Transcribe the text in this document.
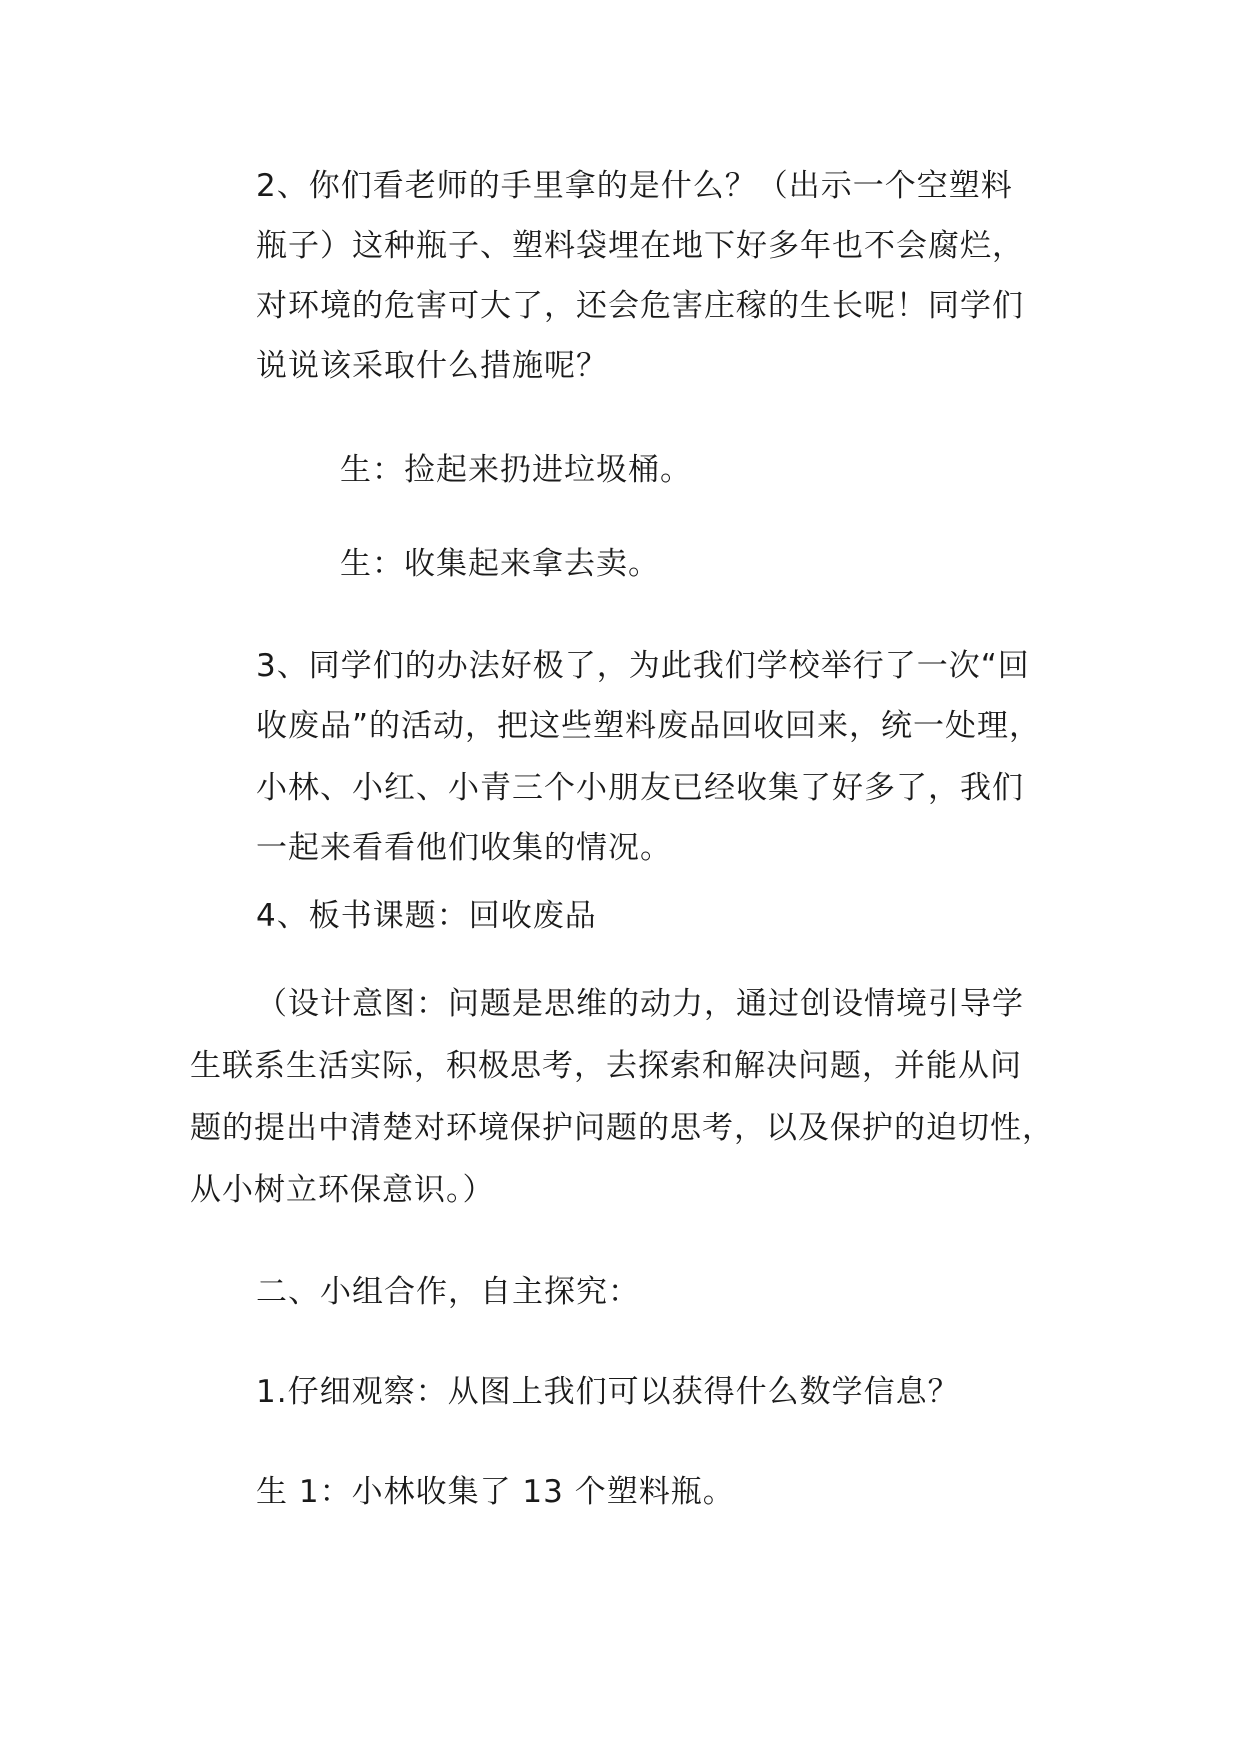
2、你们看老师的手里拿的是什么？（出示一个空塑料
瓶子）这种瓶子、塑料袋埋在地下好多年也不会腐烂，
对环境的危害可大了，还会危害庄稼的生长呢！同学们
说说该采取什么措施呢？
生：捡起来扔进垃圾桶。
生：收集起来拿去卖。
3、同学们的办法好极了，为此我们学校举行了一次“回
收废品”的活动，把这些塑料废品回收回来，统一处理，
小林、小红、小青三个小朋友已经收集了好多了，我们
一起来看看他们收集的情况。
4、板书课题：回收废品
（设计意图：问题是思维的动力，通过创设情境引导学
生联系生活实际，积极思考，去探索和解决问题，并能从问
题的提出中清楚对环境保护问题的思考，以及保护的迫切性，
从小树立环保意识。）
二、小组合作，自主探究：
1.仔细观察：从图上我们可以获得什么数学信息？
生 1：小林收集了 13 个塑料瓶。
